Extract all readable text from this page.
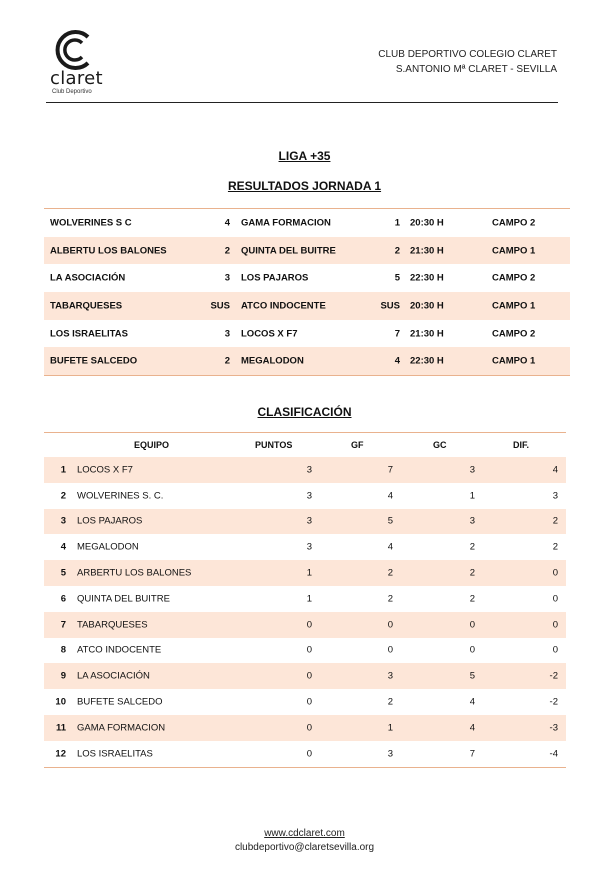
claret
Club Deportivo
CLUB DEPORTIVO COLEGIO CLARET
S.ANTONIO Mª CLARET - SEVILLA
LIGA +35
RESULTADOS JORNADA 1
WOLVERINES S C	4 GAMA FORMACION	1 20:30 H	CAMPO 2
ALBERTU LOS BALONES	2 QUINTA DEL BUITRE	2 21:30 H	CAMPO 1
LA ASOCIACIÓN	3 LOS PAJAROS	5 22:30 H	CAMPO 2
TABARQUESES	SUS ATCO INDOCENTE	SUS 20:30 H	CAMPO 1
LOS ISRAELITAS	3 LOCOS X F7	7 21:30 H	CAMPO 2
BUFETE SALCEDO	2 MEGALODON	4 22:30 H	CAMPO 1
CLASIFICACIÓN
EQUIPO	PUNTOS	GF	GC	DIF.
1 LOCOS X F7	3	7	3	4
2 WOLVERINES S. C.	3	4	1	3
3 LOS PAJAROS	3	5	3	2
4 MEGALODON	3	4	2	2
5 ARBERTU LOS BALONES	1	2	2	0
6 QUINTA DEL BUITRE	1	2	2	0
7 TABARQUESES	0	0	0	0
8 ATCO INDOCENTE	0	0	0	0
9 LA ASOCIACIÓN	0	3	5	-2
10 BUFETE SALCEDO	0	2	4	-2
11 GAMA FORMACION	0	1	4	-3
12 LOS ISRAELITAS	0	3	7	-4
www.cdclaret.com
clubdeportivo@claretsevilla.org
